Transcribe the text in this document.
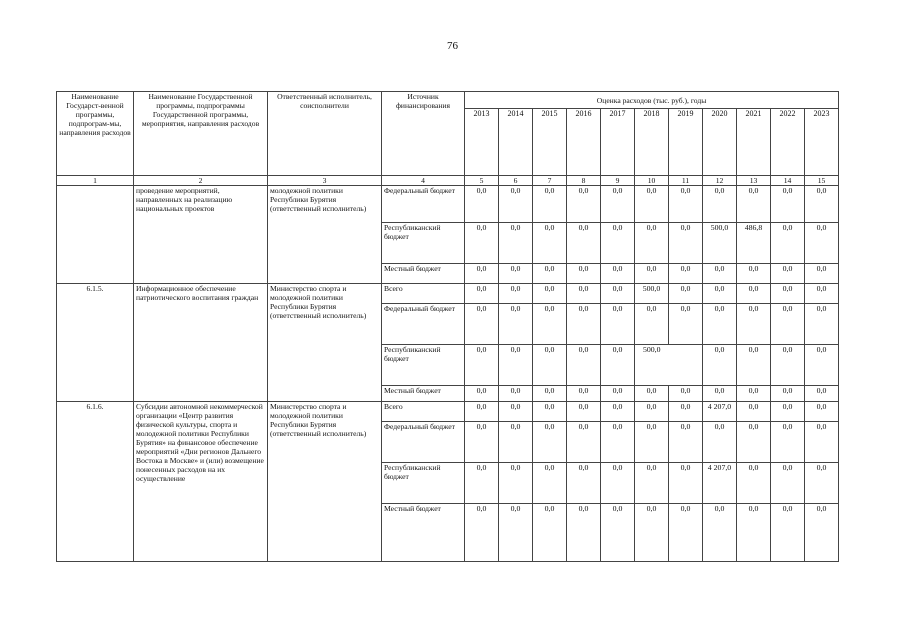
76
Наименование Государст-венной программы, подпрограм-мы, направления расходов	Наименование Государственной программы, подпрограммы Государственной программы, мероприятия, направления расходов	Ответственный исполнитель, соисполнители	Источник финансирования	Оценка расходов (тыс. руб.), годы										
				2013	2014	2015	2016	2017	2018	2019	2020	2021	2022	2023
1	2	3	4	5	6	7	8	9	10	11	12	13	14	15
	проведение мероприятий, направленных на реализацию национальных проектов	молодежной политики Республики Бурятия (ответственный исполнитель)	Федеральный бюджет	0,0	0,0	0,0	0,0	0,0	0,0	0,0	0,0	0,0	0,0	0,0
			Республиканский бюджет	0,0	0,0	0,0	0,0	0,0	0,0	0,0	500,0	486,8	0,0	0,0
			Местный бюджет	0,0	0,0	0,0	0,0	0,0	0,0	0,0	0,0	0,0	0,0	0,0
6.1.5.	Информационное обеспечение патриотического воспитания граждан	Министерство спорта и молодежной политики Республики Бурятия (ответственный исполнитель)	Всего	0,0	0,0	0,0	0,0	0,0	500,0	0,0	0,0	0,0	0,0	0,0
			Федеральный бюджет	0,0	0,0	0,0	0,0	0,0	0,0	0,0	0,0	0,0	0,0	0,0
			Республиканский бюджет	0,0	0,0	0,0	0,0	0,0	500,0		0,0	0,0	0,0	0,0
			Местный бюджет	0,0	0,0	0,0	0,0	0,0	0,0	0,0	0,0	0,0	0,0	0,0
6.1.6.	Субсидии автономной некоммерческой организации «Центр развития физической культуры, спорта и молодежной политики Республики Бурятия» на финансовое обеспечение мероприятий «Дни регионов Дальнего Востока в Москве» и (или) возмещение понесенных расходов на их осуществление	Министерство спорта и молодежной политики Республики Бурятия (ответственный исполнитель)	Всего	0,0	0,0	0,0	0,0	0,0	0,0	0,0	4 207,0	0,0	0,0	0,0
			Федеральный бюджет	0,0	0,0	0,0	0,0	0,0	0,0	0,0	0,0	0,0	0,0	0,0
			Республиканский бюджет	0,0	0,0	0,0	0,0	0,0	0,0	0,0	4 207,0	0,0	0,0	0,0
			Местный бюджет	0,0	0,0	0,0	0,0	0,0	0,0	0,0	0,0	0,0	0,0	0,0
